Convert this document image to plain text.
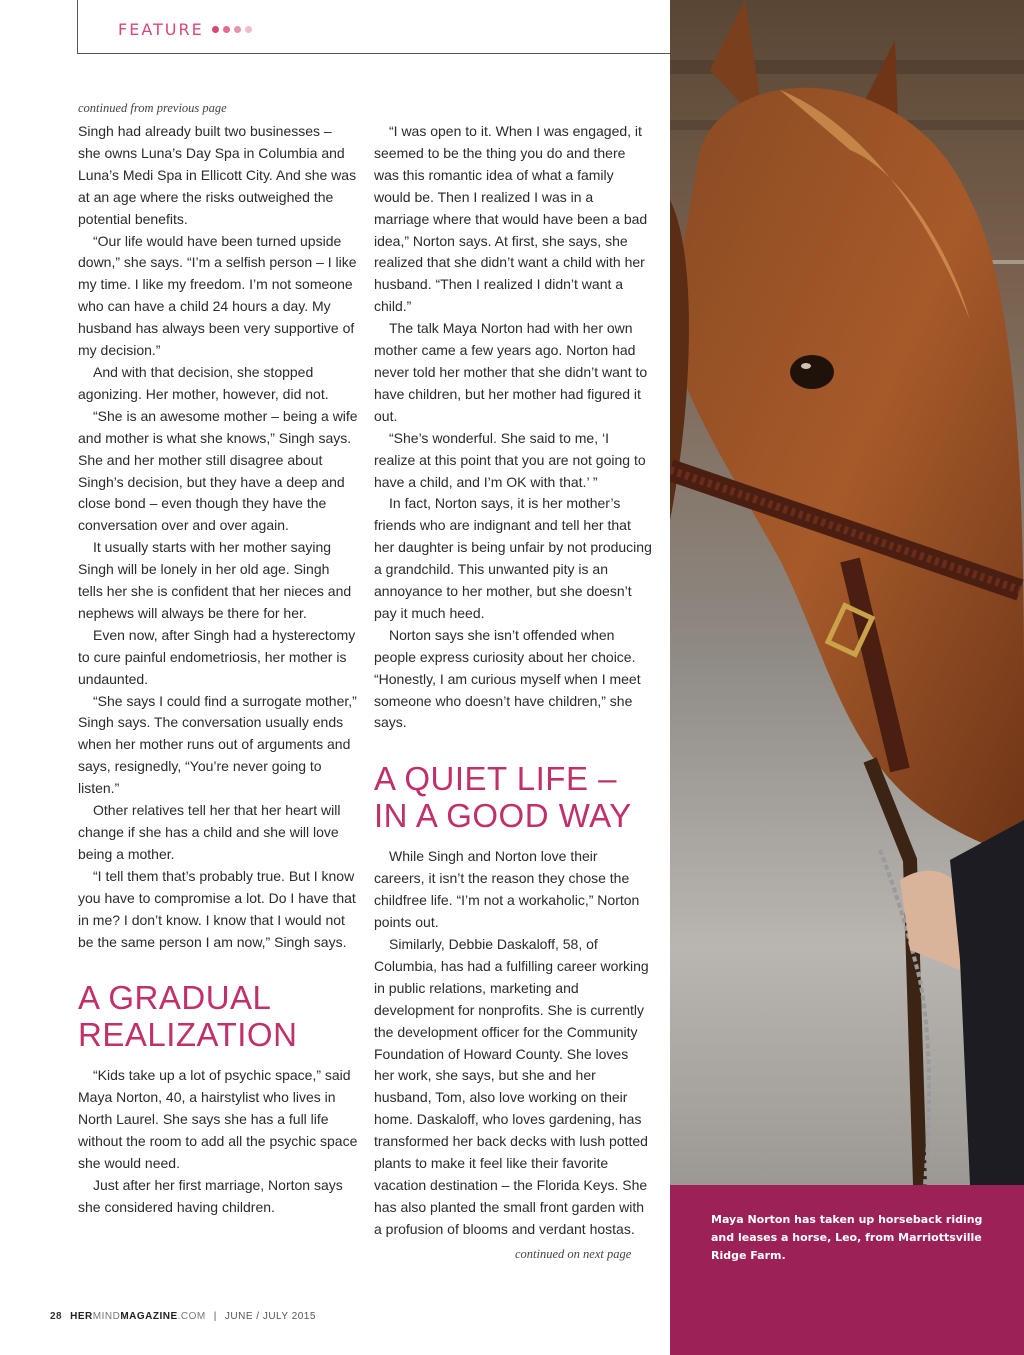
FEATURE
continued from previous page

Singh had already built two businesses – she owns Luna’s Day Spa in Columbia and Luna’s Medi Spa in Ellicott City. And she was at an age where the risks outweighed the potential benefits.

“Our life would have been turned upside down,” she says. “I’m a selfish person – I like my time. I like my freedom. I’m not someone who can have a child 24 hours a day. My husband has always been very supportive of my decision.”

And with that decision, she stopped agonizing. Her mother, however, did not.

“She is an awesome mother – being a wife and mother is what she knows,” Singh says. She and her mother still disagree about Singh’s decision, but they have a deep and close bond – even though they have the conversation over and over again.

It usually starts with her mother saying Singh will be lonely in her old age. Singh tells her she is confident that her nieces and nephews will always be there for her.

Even now, after Singh had a hysterectomy to cure painful endometriosis, her mother is undaunted.

“She says I could find a surrogate mother,” Singh says. The conversation usually ends when her mother runs out of arguments and says, resignedly, “You’re never going to listen.”

Other relatives tell her that her heart will change if she has a child and she will love being a mother.

“I tell them that’s probably true. But I know you have to compromise a lot. Do I have that in me? I don’t know. I know that I would not be the same person I am now,” Singh says.

A GRADUAL REALIZATION

“Kids take up a lot of psychic space,” said Maya Norton, 40, a hairstylist who lives in North Laurel. She says she has a full life without the room to add all the psychic space she would need.

Just after her first marriage, Norton says she considered having children.

“I was open to it. When I was engaged, it seemed to be the thing you do and there was this romantic idea of what a family would be. Then I realized I was in a marriage where that would have been a bad idea,” Norton says. At first, she says, she realized that she didn’t want a child with her husband. “Then I realized I didn’t want a child.”

The talk Maya Norton had with her own mother came a few years ago. Norton had never told her mother that she didn’t want to have children, but her mother had figured it out.

“She’s wonderful. She said to me, ‘I realize at this point that you are not going to have a child, and I’m OK with that.’ ”

In fact, Norton says, it is her mother’s friends who are indignant and tell her that her daughter is being unfair by not producing a grandchild. This unwanted pity is an annoyance to her mother, but she doesn’t pay it much heed.

Norton says she isn’t offended when people express curiosity about her choice. “Honestly, I am curious myself when I meet someone who doesn’t have children,” she says.

A QUIET LIFE – IN A GOOD WAY

While Singh and Norton love their careers, it isn’t the reason they chose the childfree life. “I’m not a workaholic,” Norton points out.

Similarly, Debbie Daskaloff, 58, of Columbia, has had a fulfilling career working in public relations, marketing and development for nonprofits. She is currently the development officer for the Community Foundation of Howard County. She loves her work, she says, but she and her husband, Tom, also love working on their home. Daskaloff, who loves gardening, has transformed her back decks with lush potted plants to make it feel like their favorite vacation destination – the Florida Keys. She has also planted the small front garden with a profusion of blooms and verdant hostas.

continued on next page
Maya Norton has taken up horseback riding and leases a horse, Leo, from Marriottsville Ridge Farm.
28 HERMINDMAGAZINE.COM | JUNE / JULY 2015
